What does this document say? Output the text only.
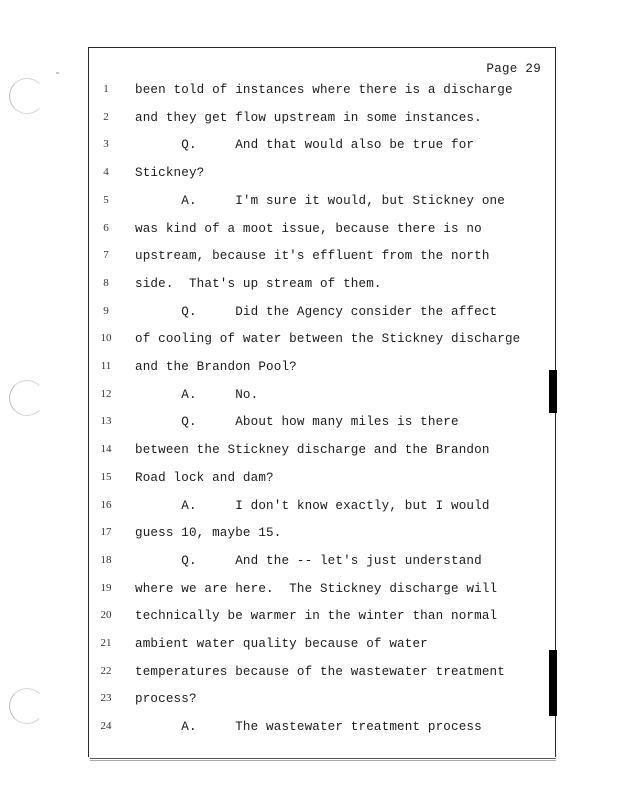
Page 29
1	been told of instances where there is a discharge
2	and they get flow upstream in some instances.
3	Q.     And that would also be true for
4	Stickney?
5	A.     I'm sure it would, but Stickney one
6	was kind of a moot issue, because there is no
7	upstream, because it's effluent from the north
8	side.  That's up stream of them.
9	Q.     Did the Agency consider the affect
10	of cooling of water between the Stickney discharge
11	and the Brandon Pool?
12	A.     No.
13	Q.     About how many miles is there
14	between the Stickney discharge and the Brandon
15	Road lock and dam?
16	A.     I don't know exactly, but I would
17	guess 10, maybe 15.
18	Q.     And the -- let's just understand
19	where we are here.  The Stickney discharge will
20	technically be warmer in the winter than normal
21	ambient water quality because of water
22	temperatures because of the wastewater treatment
23	process?
24	A.     The wastewater treatment process
